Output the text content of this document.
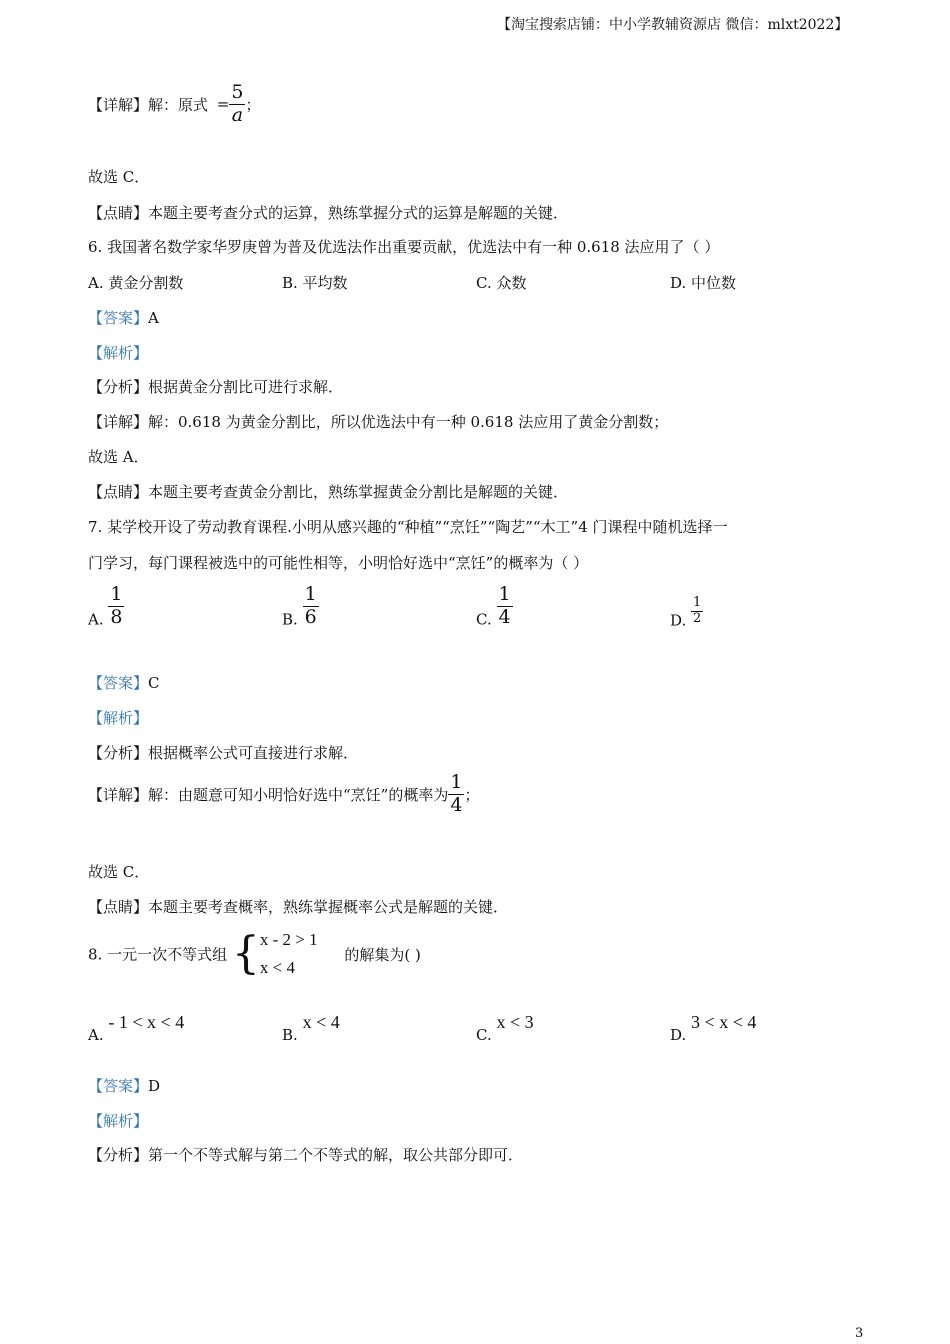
【淘宝搜索店铺：中小学教辅资源店 微信：mlxt2022】
【详解】解：原式 = $\frac{5}{a}$ ；
故选 C．
【点睛】本题主要考查分式的运算，熟练掌握分式的运算是解题的关键．
6. 我国著名数学家华罗庚曾为普及优选法作出重要贡献，优选法中有一种 0.618 法应用了（ ）
A. 黄金分割数	B. 平均数	C. 众数	D. 中位数
【答案】A
【解析】
【分析】根据黄金分割比可进行求解．
【详解】解：0.618 为黄金分割比，所以优选法中有一种 0.618 法应用了黄金分割数；
故选 A．
【点睛】本题主要考查黄金分割比，熟练掌握黄金分割比是解题的关键．
7. 某学校开设了劳动教育课程.小明从感兴趣的“种植”“烹饪”“陶艺”“木工”4 门课程中随机选择一
门学习，每门课程被选中的可能性相等，小明恰好选中“烹饪”的概率为（ ）
A. $\frac{1}{8}$	B. $\frac{1}{6}$	C. $\frac{1}{4}$	D. $\frac{1}{2}$
【答案】C
【解析】
【分析】根据概率公式可直接进行求解．
【详解】解：由题意可知小明恰好选中“烹饪”的概率为 $\frac{1}{4}$ ；
故选 C．
【点睛】本题主要考查概率，熟练掌握概率公式是解题的关键．
8. 一元一次不等式组 { x - 2 > 1
x < 4
的解集为( )
A. - 1 < x < 4
B. x < 4
C. x < 3
D. 3 < x < 4
【答案】D
【解析】
【分析】第一个不等式解与第二个不等式的解，取公共部分即可．
3
